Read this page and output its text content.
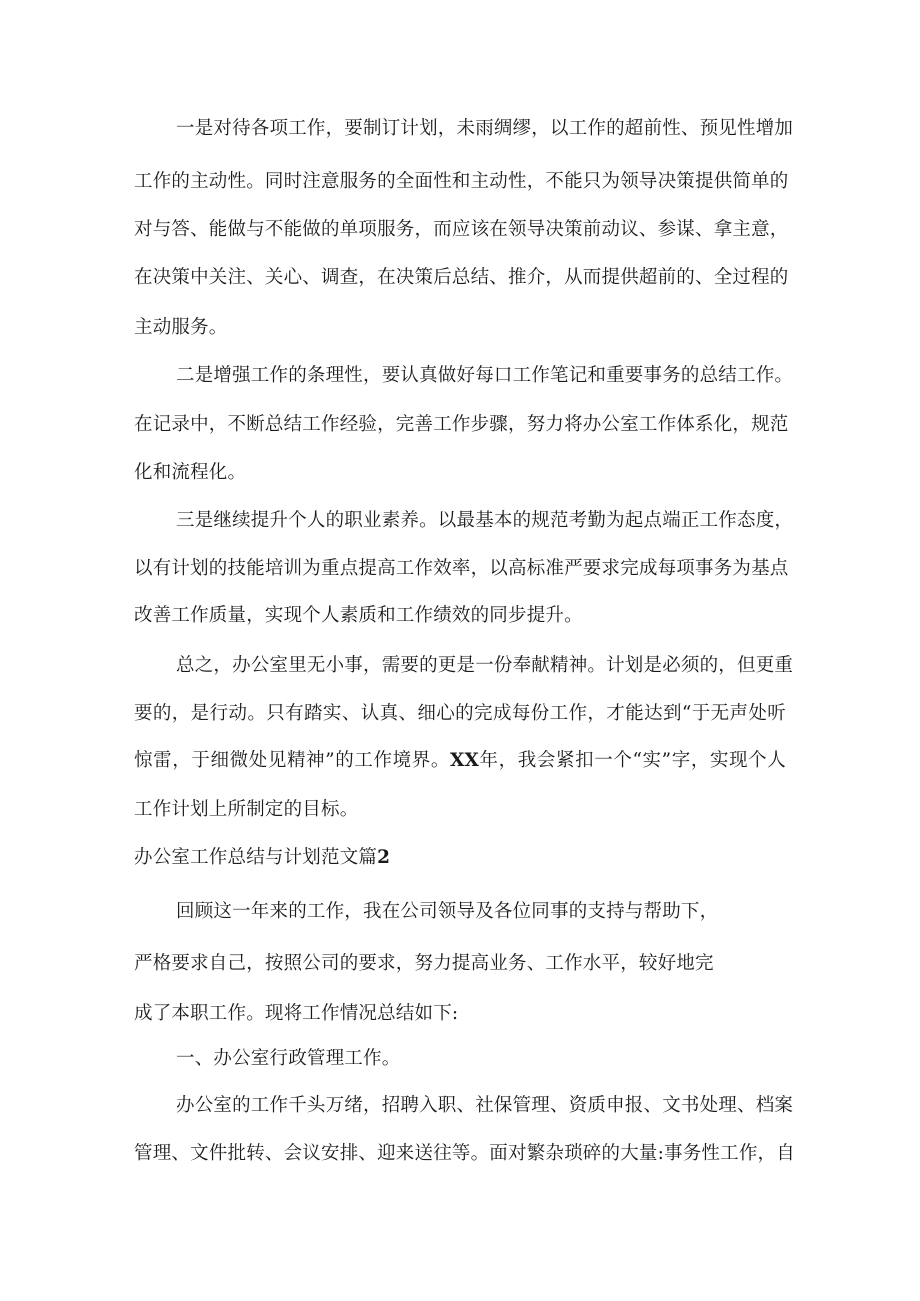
一是对待各项工作，要制订计划，未雨绸缪，以工作的超前性、预见性增加
工作的主动性。同时注意服务的全面性和主动性，不能只为领导决策提供简单的
对与答、能做与不能做的单项服务，而应该在领导决策前动议、参谋、拿主意，
在决策中关注、关心、调查，在决策后总结、推介，从而提供超前的、全过程的
主动服务。
二是增强工作的条理性，要认真做好每口工作笔记和重要事务的总结工作。
在记录中，不断总结工作经验，完善工作步骤，努力将办公室工作体系化，规范
化和流程化。
三是继续提升个人的职业素养。以最基本的规范考勤为起点端正工作态度，
以有计划的技能培训为重点提高工作效率，以高标准严要求完成每项事务为基点
改善工作质量，实现个人素质和工作绩效的同步提升。
总之，办公室里无小事，需要的更是一份奉献精神。计划是必须的，但更重
要的，是行动。只有踏实、认真、细心的完成每份工作，才能达到“于无声处听
惊雷，于细微处见精神”的工作境界。XX年，我会紧扣一个“实”字，实现个人
工作计划上所制定的目标。
办公室工作总结与计划范文篇2
回顾这一年来的工作，我在公司领导及各位同事的支持与帮助下，
严格要求自己，按照公司的要求，努力提高业务、工作水平，较好地完
成了本职工作。现将工作情况总结如下:
一、办公室行政管理工作。
办公室的工作千头万绪，招聘入职、社保管理、资质申报、文书处理、档案
管理、文件批转、会议安排、迎来送往等。面对繁杂琐碎的大量:事务性工作，自
